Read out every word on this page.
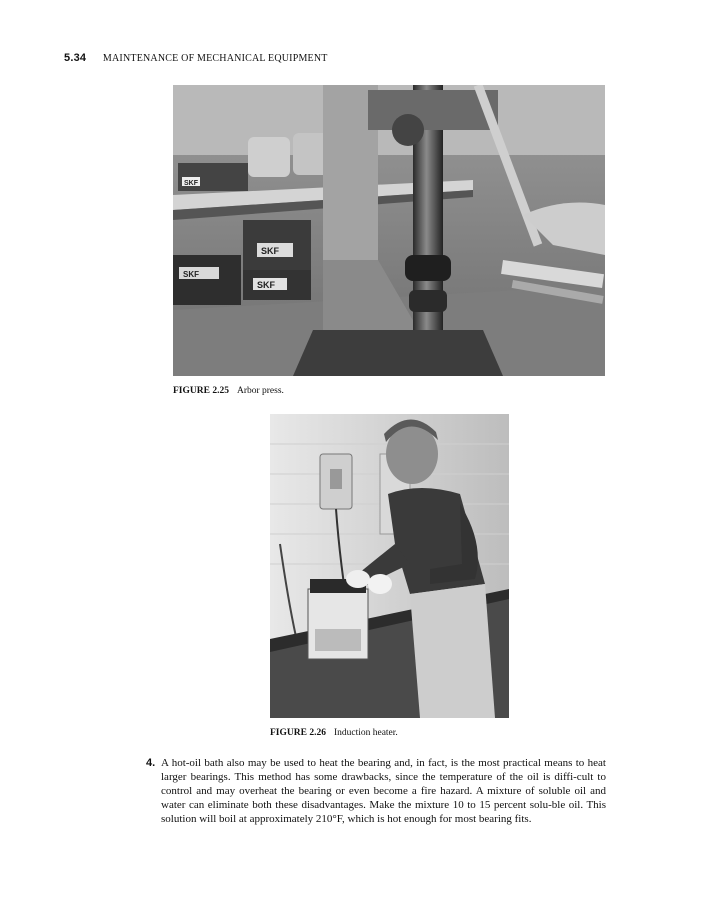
5.34 MAINTENANCE OF MECHANICAL EQUIPMENT
SKF
SKF
SKF
SKF
FIGURE 2.25 Arbor press.
FIGURE 2.26 Induction heater.
4. A hot-oil bath also may be used to heat the bearing and, in fact, is the most practical means to heat larger bearings. This method has some drawbacks, since the temperature of the oil is diffi-cult to control and may overheat the bearing or even become a fire hazard. A mixture of soluble oil and water can eliminate both these disadvantages. Make the mixture 10 to 15 percent solu-ble oil. This solution will boil at approximately 210°F, which is hot enough for most bearing fits.
